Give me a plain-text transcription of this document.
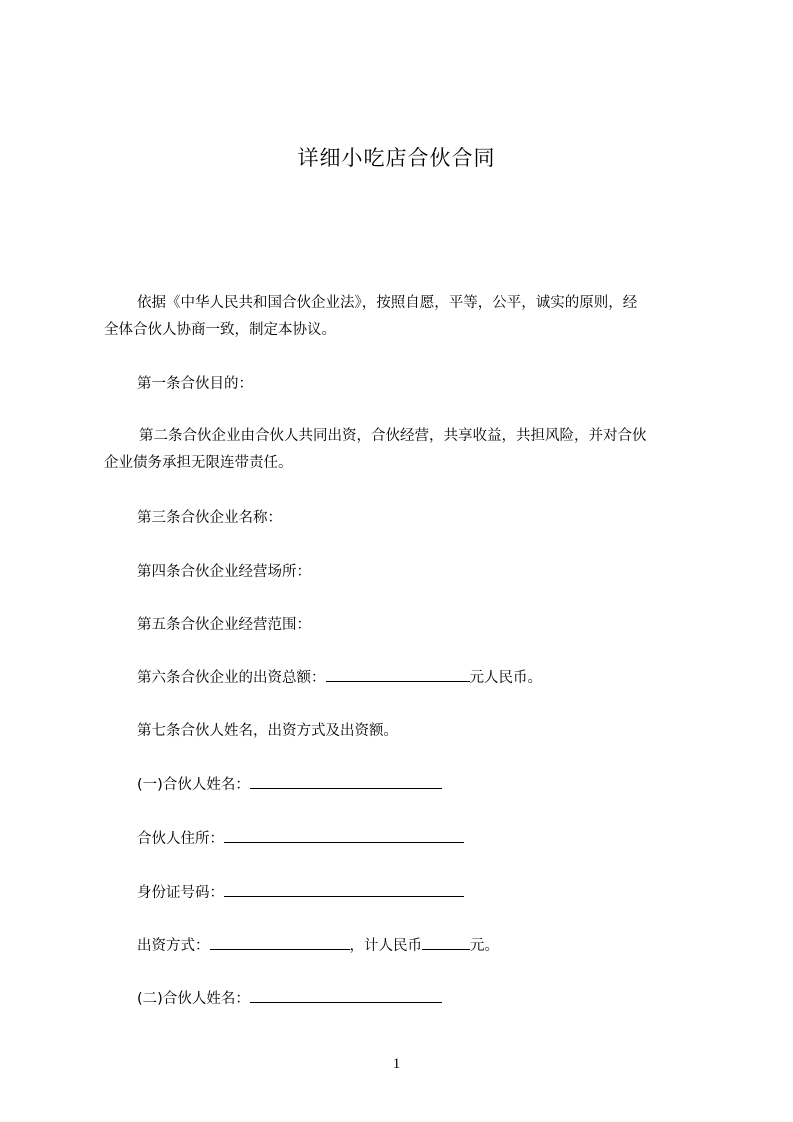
详细小吃店合伙合同
依据《中华人民共和国合伙企业法》，按照自愿，平等，公平，诚实的原则，经
全体合伙人协商一致，制定本协议。
第一条合伙目的：
第二条合伙企业由合伙人共同出资，合伙经营，共享收益，共担风险，并对合伙
企业债务承担无限连带责任。
第三条合伙企业名称：
第四条合伙企业经营场所：
第五条合伙企业经营范围：
第六条合伙企业的出资总额：	元人民币。
第七条合伙人姓名，出资方式及出资额。
(一)合伙人姓名：
合伙人住所：
身份证号码：
出资方式：	，计人民币	元。
(二)合伙人姓名：
1
